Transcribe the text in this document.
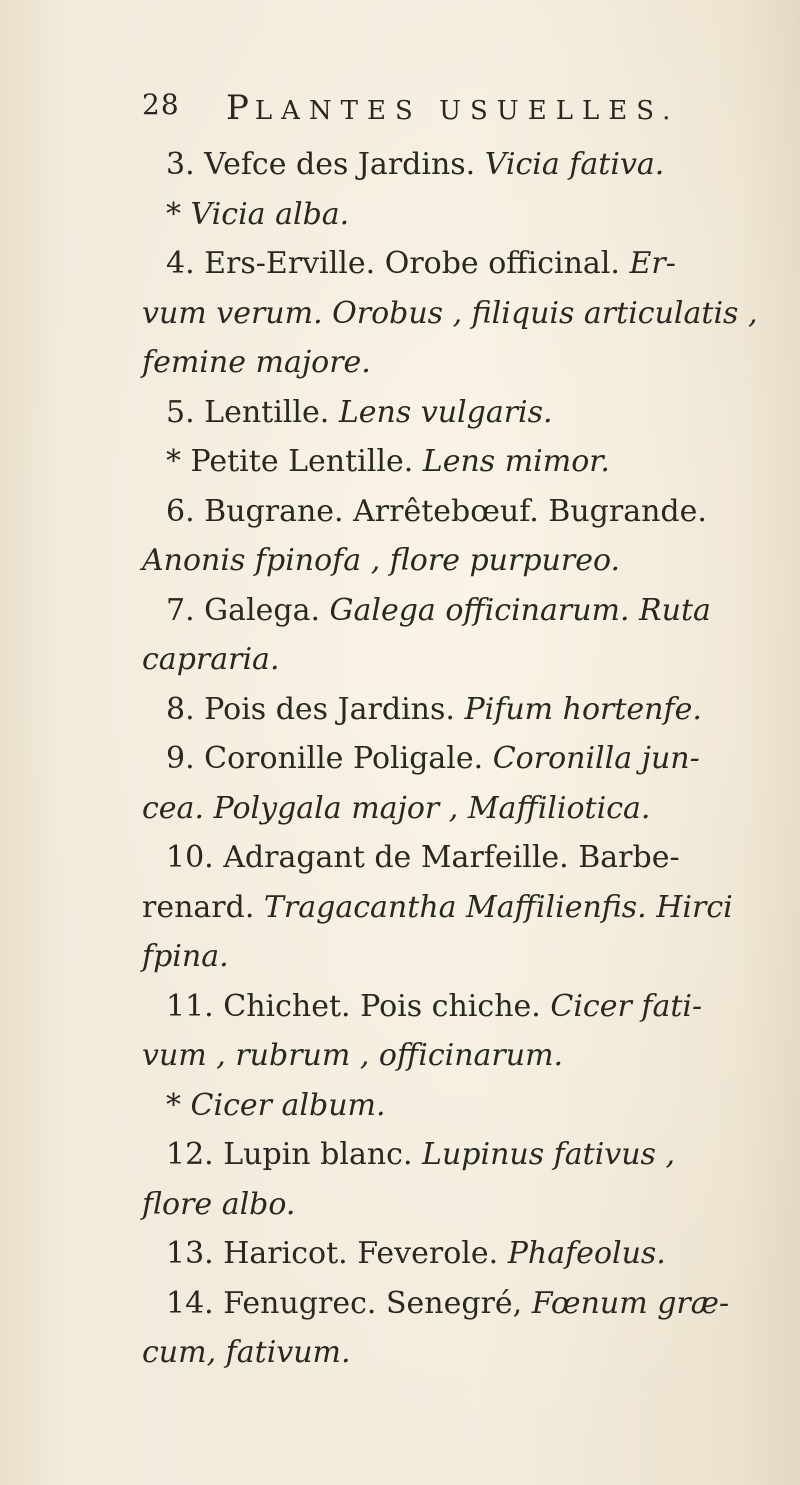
28 PLANTES USUELLES.
3. Vefce des Jardins. Vicia fativa.
* Vicia alba.
4. Ers-Erville. Orobe officinal. Er-
vum verum. Orobus , filiquis articulatis ,
femine majore.
5. Lentille. Lens vulgaris.
* Petite Lentille. Lens mimor.
6. Bugrane. Arrêtebœuf. Bugrande.
Anonis fpinofa , flore purpureo.
7. Galega. Galega officinarum. Ruta
capraria.
8. Pois des Jardins. Pifum hortenfe.
9. Coronille Poligale. Coronilla jun-
cea. Polygala major , Maffiliotica.
10. Adragant de Marfeille. Barbe-
renard. Tragacantha Maffilienfis. Hirci
fpina.
11. Chichet. Pois chiche. Cicer fati-
vum , rubrum , officinarum.
* Cicer album.
12. Lupin blanc. Lupinus fativus ,
flore albo.
13. Haricot. Feverole. Phafeolus.
14. Fenugrec. Senegré, Fœnum græ-
cum, fativum.
